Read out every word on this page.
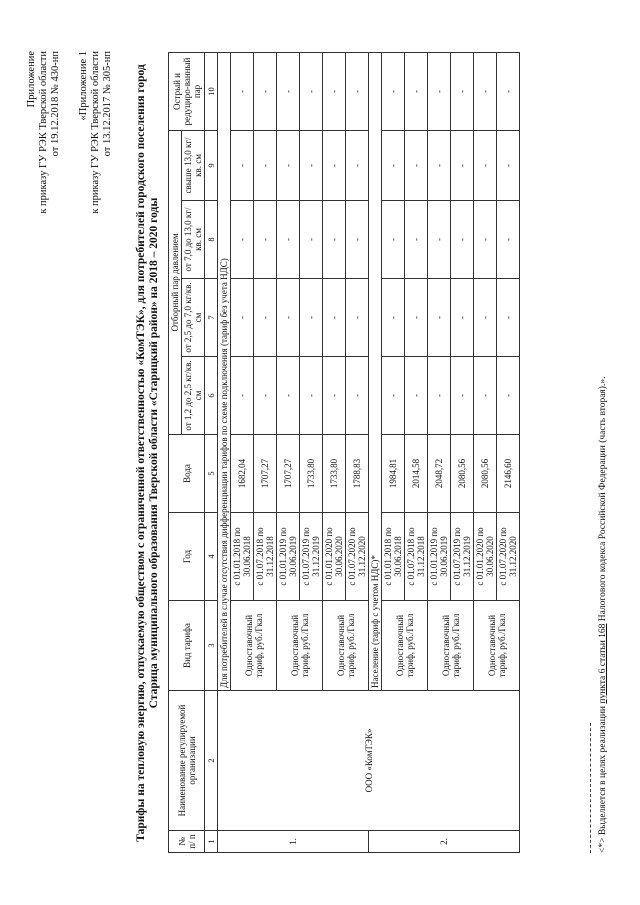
Приложение к приказу ГУ РЭК Тверской области от 19.12.2018 № 430-нп «Приложение 1 к приказу ГУ РЭК Тверской области от 13.12.2017 № 305-нп Тарифы на тепловую энергию, отпускаемую обществом с ограниченной ответственностью «КомТЭК», для потребителей городского поселения город Старица муниципального образования Тверской области «Старицкий район» на 2018 – 2020 годы
№ п/ п	Наименование регулируемой организации	Вид тарифа	Год	Вода	Отборный пар давлением				Острый и редуциро-ванный пар
					от 1,2 до 2,5 кг/кв. см	от 2,5 до 7,0 кг/кв. см	от 7,0 до 13,0 кг/кв. см	свыше 13,0 кг/кв. см	
1	2	3	4	5	6	7	8	9	10
1.	ООО «КомТЭК»	Для потребителей в случае отсутствия дифференциации тарифов по схеме подключения (тариф без учета НДС)							
		Одноставочный тариф, руб./Гкал	с 01.01.2018 по 30.06.2018	1682,04	-	-	-	-	-
			с 01.07.2018 по 31.12.2018	1707,27	-	-	-	-	-
		Одноставочный тариф, руб./Гкал	с 01.01.2019 по 30.06.2019	1707,27	-	-	-	-	-
			с 01.07.2019 по 31.12.2019	1733,80	-	-	-	-	-
		Одноставочный тариф, руб./Гкал	с 01.01.2020 по 30.06.2020	1733,80	-	-	-	-	-
			с 01.07.2020 по 31.12.2020	1788,83	-	-	-	-	-
2.		Население (тариф с учетом НДС)*							
		Одноставочный тариф, руб./Гкал	с 01.01.2018 по 30.06.2018	1984,81	-	-	-	-	-
			с 01.07.2018 по 31.12.2018	2014,58	-	-	-	-	-
		Одноставочный тариф, руб./Гкал	с 01.01.2019 по 30.06.2019	2048,72	-	-	-	-	-
			с 01.07.2019 по 31.12.2019	2080,56	-	-	-	-	-
		Одноставочный тариф, руб./Гкал	с 01.01.2020 по 30.06.2020	2080,56	-	-	-	-	-
			с 01.07.2020 по 31.12.2020	2146,60	-	-	-	-	-
<*> Выделяется в целях реализации пункта 6 статьи 168 Налогового кодекса Российской Федерации (часть вторая).».
